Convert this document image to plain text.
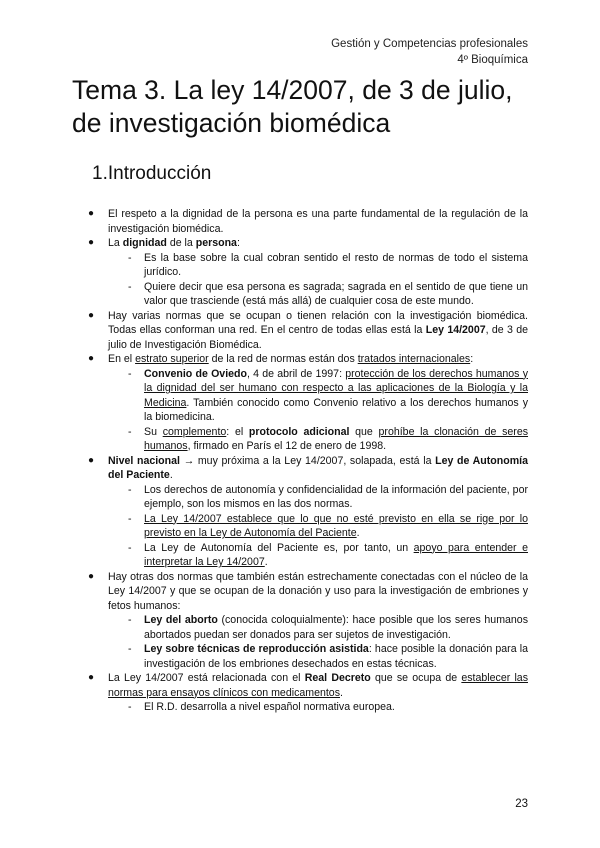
Gestión y Competencias profesionales
4º Bioquímica
Tema 3. La ley 14/2007, de 3 de julio, de investigación biomédica
1.Introducción
● El respeto a la dignidad de la persona es una parte fundamental de la regulación de la investigación biomédica.
● La dignidad de la persona:
- Es la base sobre la cual cobran sentido el resto de normas de todo el sistema jurídico.
- Quiere decir que esa persona es sagrada; sagrada en el sentido de que tiene un valor que trasciende (está más allá) de cualquier cosa de este mundo.
● Hay varias normas que se ocupan o tienen relación con la investigación biomédica. Todas ellas conforman una red. En el centro de todas ellas está la Ley 14/2007, de 3 de julio de Investigación Biomédica.
● En el estrato superior de la red de normas están dos tratados internacionales:
- Convenio de Oviedo, 4 de abril de 1997: protección de los derechos humanos y la dignidad del ser humano con respecto a las aplicaciones de la Biología y la Medicina. También conocido como Convenio relativo a los derechos humanos y la biomedicina.
- Su complemento: el protocolo adicional que prohíbe la clonación de seres humanos, firmado en París el 12 de enero de 1998.
● Nivel nacional → muy próxima a la Ley 14/2007, solapada, está la Ley de Autonomía del Paciente.
- Los derechos de autonomía y confidencialidad de la información del paciente, por ejemplo, son los mismos en las dos normas.
- La Ley 14/2007 establece que lo que no esté previsto en ella se rige por lo previsto en la Ley de Autonomía del Paciente.
- La Ley de Autonomía del Paciente es, por tanto, un apoyo para entender e interpretar la Ley 14/2007.
● Hay otras dos normas que también están estrechamente conectadas con el núcleo de la Ley 14/2007 y que se ocupan de la donación y uso para la investigación de embriones y fetos humanos:
- Ley del aborto (conocida coloquialmente): hace posible que los seres humanos abortados puedan ser donados para ser sujetos de investigación.
- Ley sobre técnicas de reproducción asistida: hace posible la donación para la investigación de los embriones desechados en estas técnicas.
● La Ley 14/2007 está relacionada con el Real Decreto que se ocupa de establecer las normas para ensayos clínicos con medicamentos.
- El R.D. desarrolla a nivel español normativa europea.
23
